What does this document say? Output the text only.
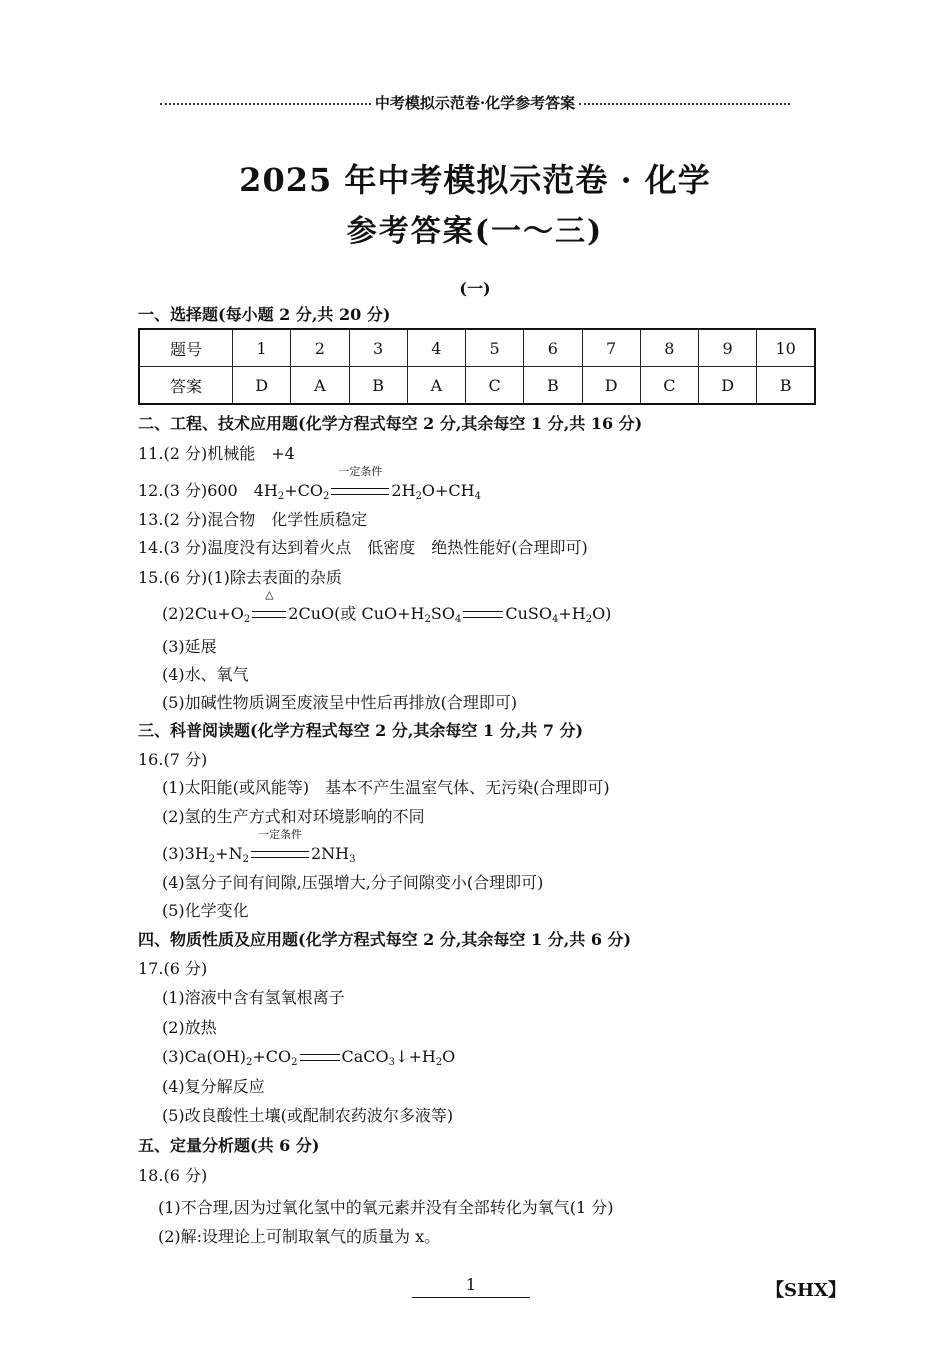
中考模拟示范卷·化学参考答案
2025 年中考模拟示范卷 · 化学
参考答案(一～三)
(一)
一、选择题(每小题 2 分,共 20 分)
题号	1	2	3	4	5	6	7	8	9	10
答案	D	A	B	A	C	B	D	C	D	B
二、工程、技术应用题(化学方程式每空 2 分,其余每空 1 分,共 16 分)
11.(2 分)机械能　+4
12.(3 分)600　$4H_2+CO_2$
一定条件
$2H_2O+CH_4$
13.(2 分)混合物　化学性质稳定
14.(3 分)温度没有达到着火点　低密度　绝热性能好(合理即可)
15.(6 分)(1)除去表面的杂质
$(2)2Cu+O_2$
△
2CuO(或 $CuO+H_2SO_4$	$CuSO_4+H_2O$)
(3)延展
(4)水、氧气
(5)加碱性物质调至废液呈中性后再排放(合理即可)
三、科普阅读题(化学方程式每空 2 分,其余每空 1 分,共 7 分)
16.(7 分)
(1)太阳能(或风能等)　基本不产生温室气体、无污染(合理即可)
(2)氢的生产方式和对环境影响的不同
$(3)3H_2+N_2$
一定条件
$2NH_3$
(4)氢分子间有间隙,压强增大,分子间隙变小(合理即可)
(5)化学变化
四、物质性质及应用题(化学方程式每空 2 分,其余每空 1 分,共 6 分)
17.(6 分)
(1)溶液中含有氢氧根离子
(2)放热
$(3)Ca(OH)_2+CO_2$	$CaCO_3↓+H_2O$
(4)复分解反应
(5)改良酸性土壤(或配制农药波尔多液等)
五、定量分析题(共 6 分)
18.(6 分)
(1)不合理,因为过氧化氢中的氧元素并没有全部转化为氧气(1 分)
(2)解:设理论上可制取氧气的质量为 x。
1	【SHX】
